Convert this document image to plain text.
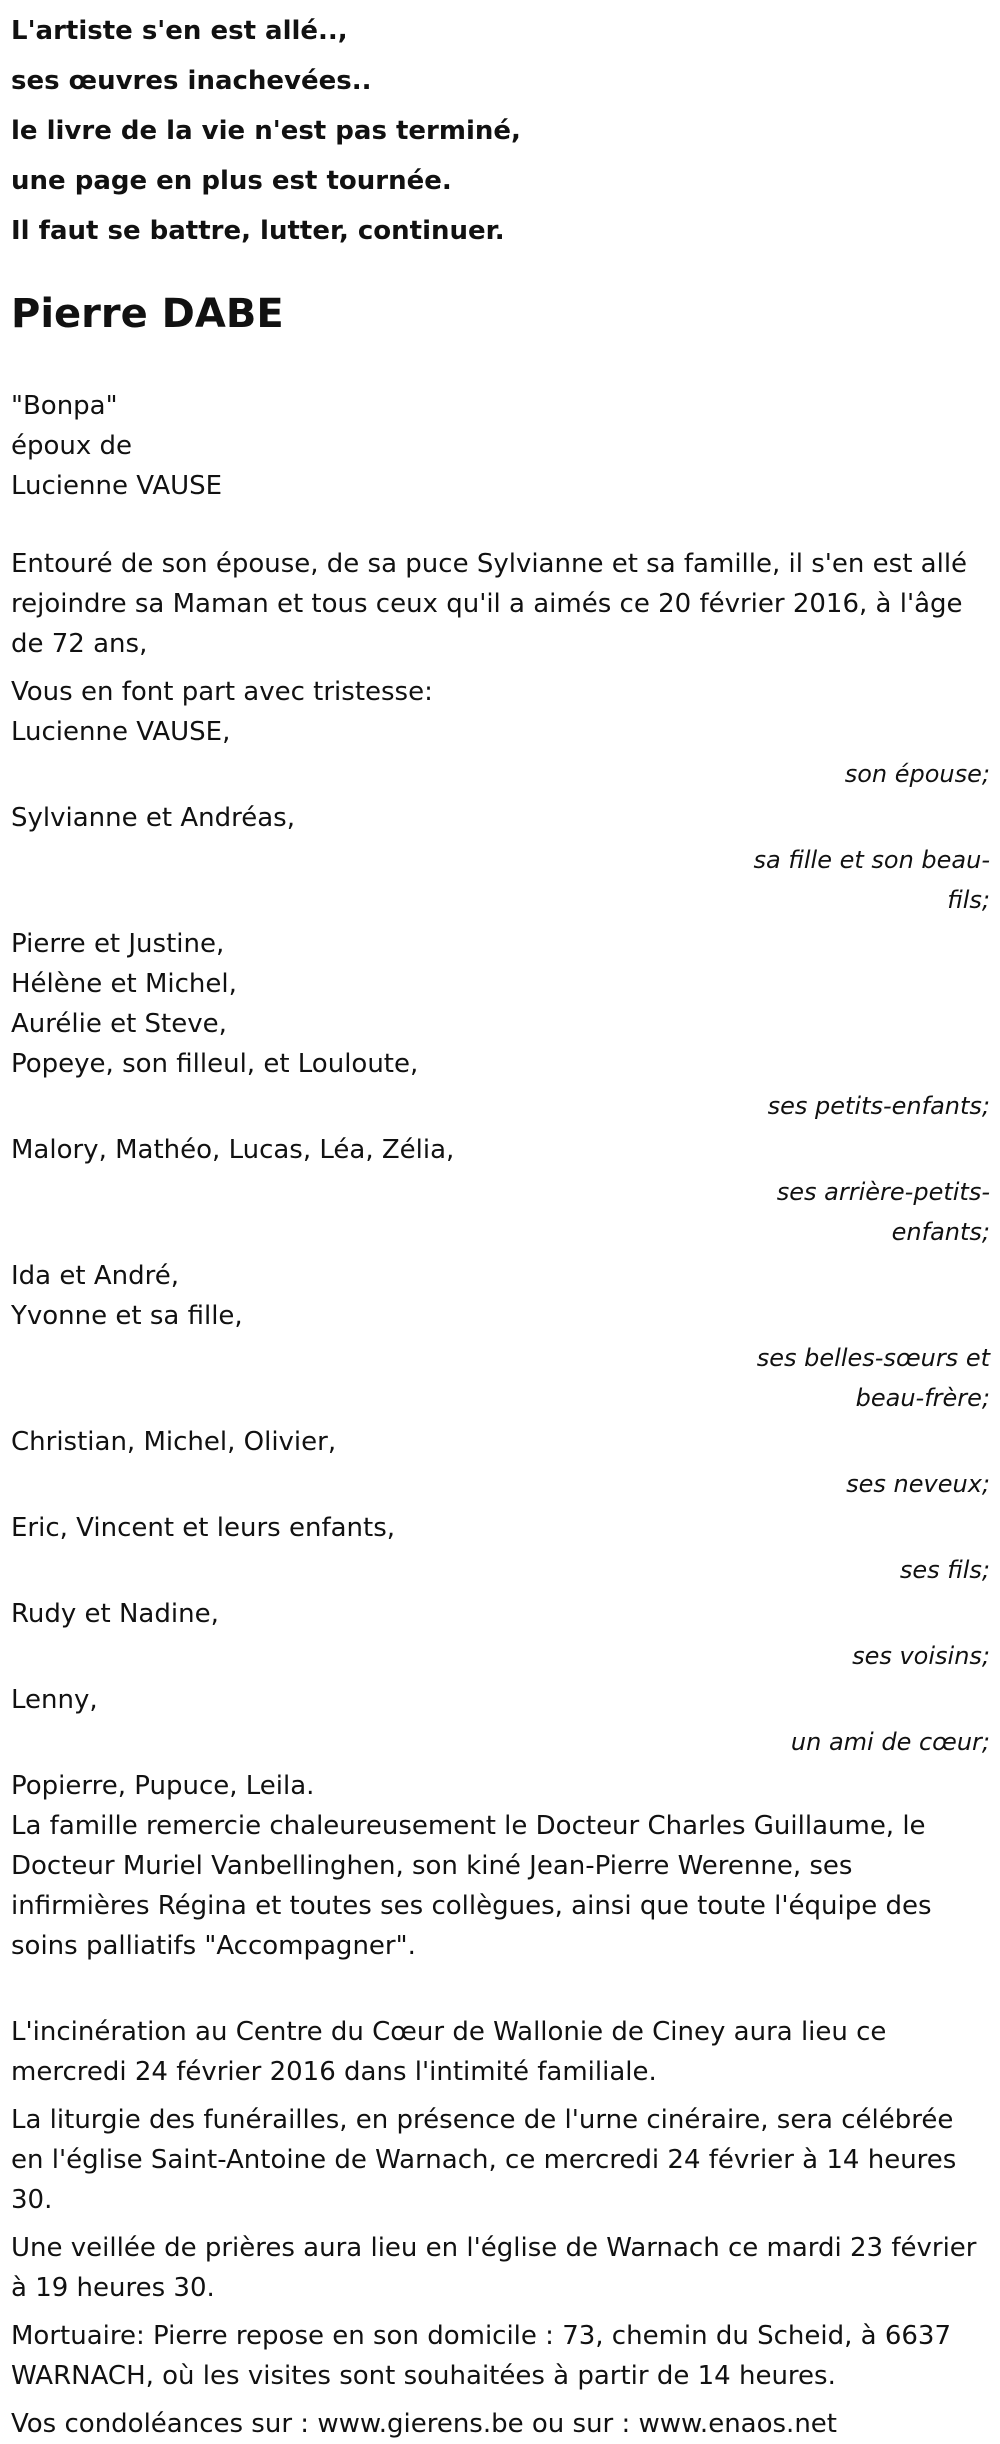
L'artiste s'en est allé..,
ses œuvres inachevées..
le livre de la vie n'est pas terminé,
une page en plus est tournée.
Il faut se battre, lutter, continuer.
Pierre DABE
"Bonpa"
époux de
Lucienne VAUSE
Entouré de son épouse, de sa puce Sylvianne et sa famille, il s'en est allé rejoindre sa Maman et tous ceux qu'il a aimés ce 20 février 2016, à l'âge de 72 ans,
Vous en font part avec tristesse:
Lucienne VAUSE,
son épouse;
Sylvianne et Andréas,
sa fille et son beau-fils;
Pierre et Justine,
Hélène et Michel,
Aurélie et Steve,
Popeye, son filleul, et Louloute,
ses petits-enfants;
Malory, Mathéo, Lucas, Léa, Zélia,
ses arrière-petits-enfants;
Ida et André,
Yvonne et sa fille,
ses belles-sœurs et beau-frère;
Christian, Michel, Olivier,
ses neveux;
Eric, Vincent et leurs enfants,
ses fils;
Rudy et Nadine,
ses voisins;
Lenny,
un ami de cœur;
Popierre, Pupuce, Leila.
La famille remercie chaleureusement le Docteur Charles Guillaume, le Docteur Muriel Vanbellinghen, son kiné Jean-Pierre Werenne, ses infirmières Régina et toutes ses collègues, ainsi que toute l'équipe des soins palliatifs "Accompagner".
L'incinération au Centre du Cœur de Wallonie de Ciney aura lieu ce mercredi 24 février 2016 dans l'intimité familiale.
La liturgie des funérailles, en présence de l'urne cinéraire, sera célébrée en l'église Saint-Antoine de Warnach, ce mercredi 24 février à 14 heures 30.
Une veillée de prières aura lieu en l'église de Warnach ce mardi 23 février à 19 heures 30.
Mortuaire: Pierre repose en son domicile : 73, chemin du Scheid, à 6637 WARNACH, où les visites sont souhaitées à partir de 14 heures.
Vos condoléances sur : www.gierens.be ou sur : www.enaos.net
